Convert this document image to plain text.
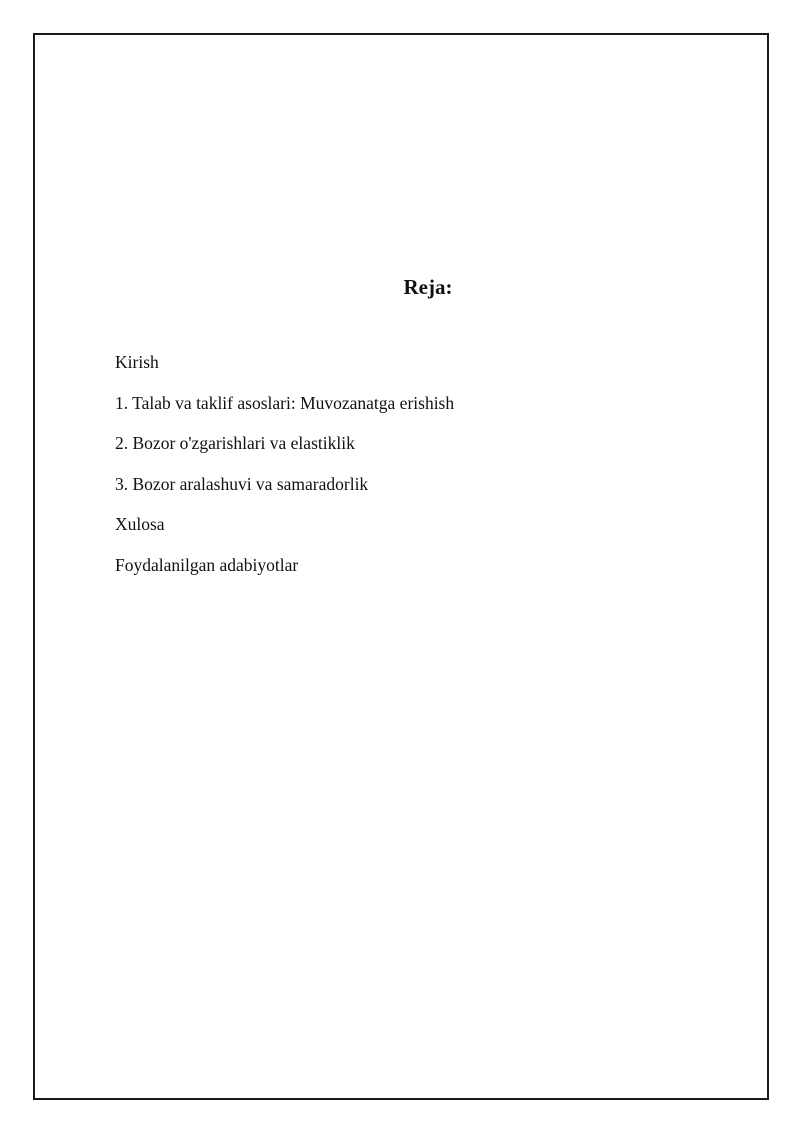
Reja:
Kirish
1. Talab va taklif asoslari: Muvozanatga erishish
2. Bozor o'zgarishlari va elastiklik
3. Bozor aralashuvi va samaradorlik
Xulosa
Foydalanilgan adabiyotlar
